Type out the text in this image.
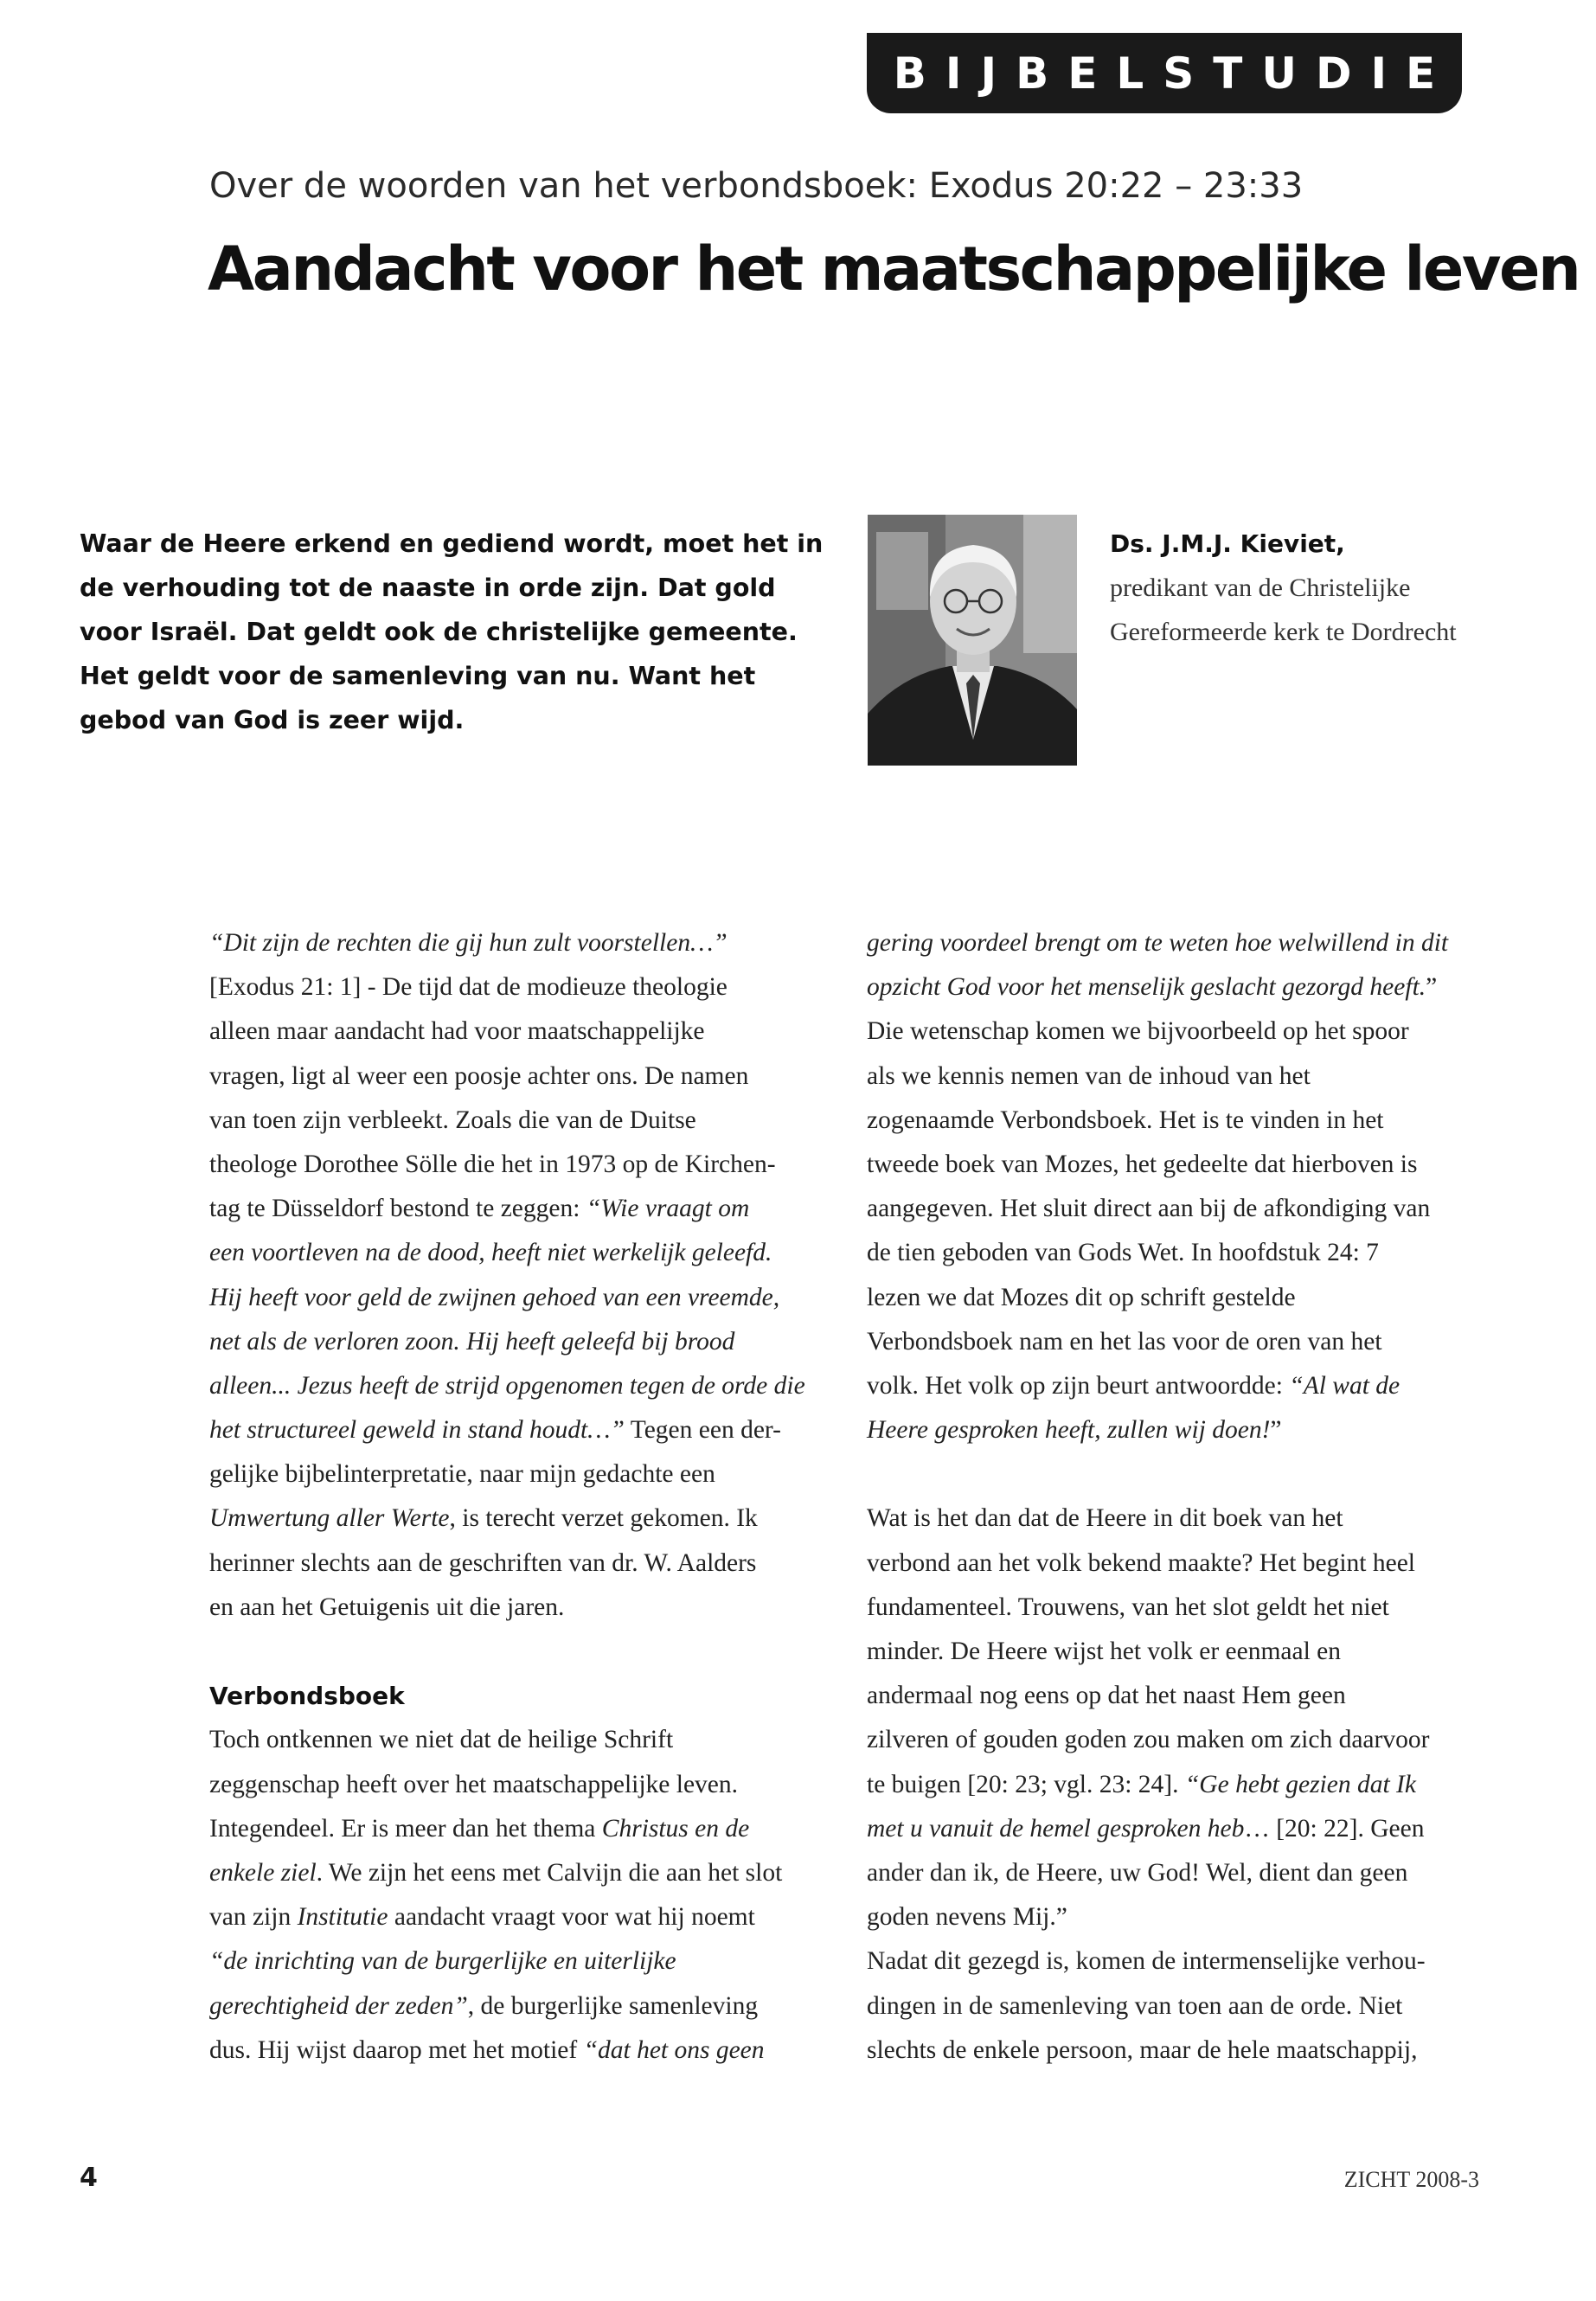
BIJBELSTUDIE
Over de woorden van het verbondsboek: Exodus 20:22 – 23:33
Aandacht voor het maatschappelijke leven
Waar de Heere erkend en gediend wordt, moet het in
de verhouding tot de naaste in orde zijn. Dat gold
voor Israël. Dat geldt ook de christelijke gemeente.
Het geldt voor de samenleving van nu. Want het
gebod van God is zeer wijd.
Ds. J.M.J. Kieviet,
predikant van de Christelijke
Gereformeerde kerk te Dordrecht
“Dit zijn de rechten die gij hun zult voorstellen…”
[Exodus 21: 1] - De tijd dat de modieuze theologie
alleen maar aandacht had voor maatschappelijke
vragen, ligt al weer een poosje achter ons. De namen
van toen zijn verbleekt. Zoals die van de Duitse
theologe Dorothee Sölle die het in 1973 op de Kirchen-
tag te Düsseldorf bestond te zeggen: “Wie vraagt om
een voortleven na de dood, heeft niet werkelijk geleefd.
Hij heeft voor geld de zwijnen gehoed van een vreemde,
net als de verloren zoon. Hij heeft geleefd bij brood
alleen... Jezus heeft de strijd opgenomen tegen de orde die
het structureel geweld in stand houdt…” Tegen een der-
gelijke bijbelinterpretatie, naar mijn gedachte een
Umwertung aller Werte, is terecht verzet gekomen. Ik
herinner slechts aan de geschriften van dr. W. Aalders
en aan het Getuigenis uit die jaren.
Verbondsboek
Toch ontkennen we niet dat de heilige Schrift
zeggenschap heeft over het maatschappelijke leven.
Integendeel. Er is meer dan het thema Christus en de
enkele ziel. We zijn het eens met Calvijn die aan het slot
van zijn Institutie aandacht vraagt voor wat hij noemt
“de inrichting van de burgerlijke en uiterlijke
gerechtigheid der zeden”, de burgerlijke samenleving
dus. Hij wijst daarop met het motief “dat het ons geen
gering voordeel brengt om te weten hoe welwillend in dit
opzicht God voor het menselijk geslacht gezorgd heeft.”
Die wetenschap komen we bijvoorbeeld op het spoor
als we kennis nemen van de inhoud van het
zogenaamde Verbondsboek. Het is te vinden in het
tweede boek van Mozes, het gedeelte dat hierboven is
aangegeven. Het sluit direct aan bij de afkondiging van
de tien geboden van Gods Wet. In hoofdstuk 24: 7
lezen we dat Mozes dit op schrift gestelde
Verbondsboek nam en het las voor de oren van het
volk. Het volk op zijn beurt antwoordde: “Al wat de
Heere gesproken heeft, zullen wij doen!”
Wat is het dan dat de Heere in dit boek van het
verbond aan het volk bekend maakte? Het begint heel
fundamenteel. Trouwens, van het slot geldt het niet
minder. De Heere wijst het volk er eenmaal en
andermaal nog eens op dat het naast Hem geen
zilveren of gouden goden zou maken om zich daarvoor
te buigen [20: 23; vgl. 23: 24]. “Ge hebt gezien dat Ik
met u vanuit de hemel gesproken heb… [20: 22]. Geen
ander dan ik, de Heere, uw God! Wel, dient dan geen
goden nevens Mij.”
Nadat dit gezegd is, komen de intermenselijke verhou-
dingen in de samenleving van toen aan de orde. Niet
slechts de enkele persoon, maar de hele maatschappij,
4	ZICHT 2008-3
